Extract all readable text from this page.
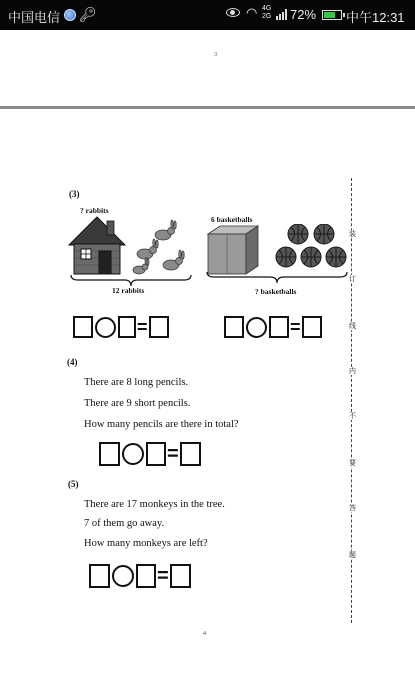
中国电信 🔑︎	◠ 4G
2G 72% 中午12:31
3
(3)
? rabbits
12 rabbits
6 basketballs
? basketballs
=	=
(4)
There are 8 long pencils.
There are 9 short pencils.
How many pencils are there in total?
=
(5)
There are 17 monkeys in the tree.
7 of them go away.
How many monkeys are left?
=
4
装
订
线
内
不
要
答
题
